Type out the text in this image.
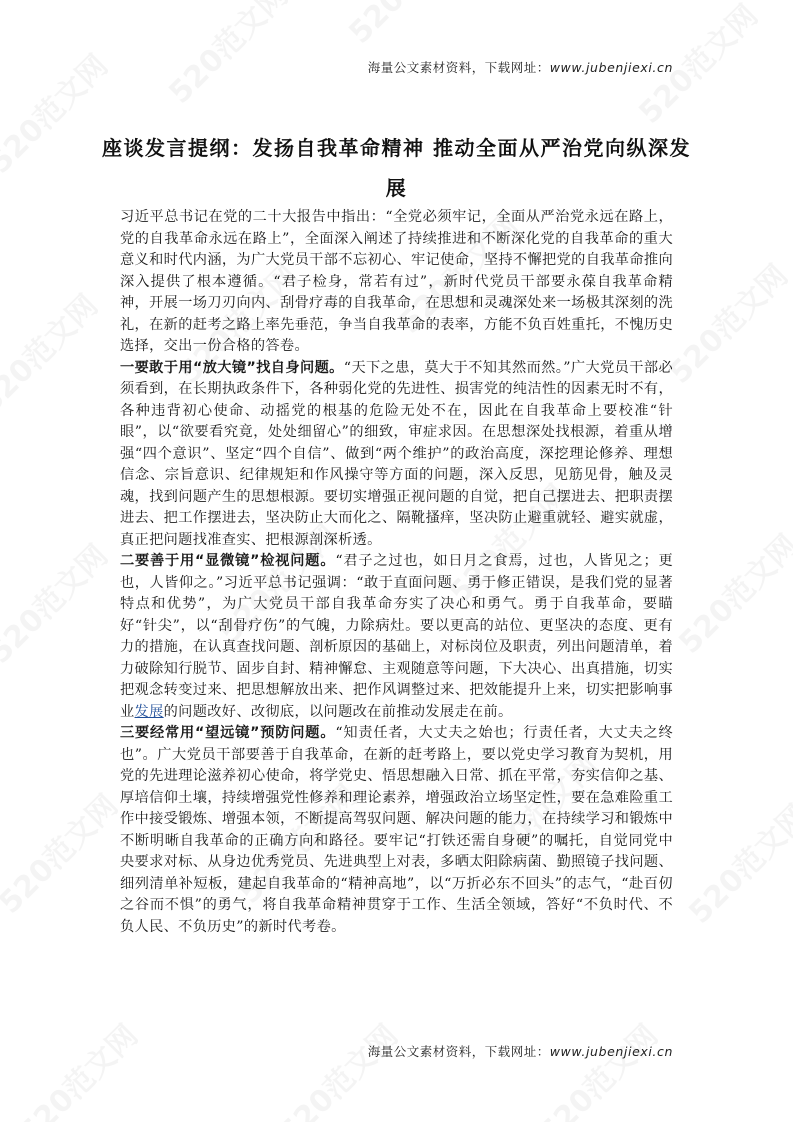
海量公文素材资料，下载网址：www.jubenjiexi.cn
座谈发言提纲：发扬自我革命精神 推动全面从严治党向纵深发展

习近平总书记在党的二十大报告中指出：“全党必须牢记，全面从严治党永远在路上，党的自我革命永远在路上”，全面深入阐述了持续推进和不断深化党的自我革命的重大意义和时代内涵，为广大党员干部不忘初心、牢记使命，坚持不懈把党的自我革命推向深入提供了根本遵循。“君子检身，常若有过”，新时代党员干部要永葆自我革命精神，开展一场刀刃向内、刮骨疗毒的自我革命，在思想和灵魂深处来一场极其深刻的洗礼，在新的赶考之路上率先垂范，争当自我革命的表率，方能不负百姓重托，不愧历史选择，交出一份合格的答卷。

一要敢于用“放大镜”找自身问题。“天下之患，莫大于不知其然而然。”广大党员干部必须看到，在长期执政条件下，各种弱化党的先进性、损害党的纯洁性的因素无时不有，各种违背初心使命、动摇党的根基的危险无处不在，因此在自我革命上要校准“针眼”，以“欲要看究竟，处处细留心”的细致，审症求因。在思想深处找根源，着重从增强“四个意识”、坚定“四个自信”、做到“两个维护”的政治高度，深挖理论修养、理想信念、宗旨意识、纪律规矩和作风操守等方面的问题，深入反思，见筋见骨，触及灵魂，找到问题产生的思想根源。要切实增强正视问题的自觉，把自己摆进去、把职责摆进去、把工作摆进去，坚决防止大而化之、隔靴搔痒，坚决防止避重就轻、避实就虚，真正把问题找准查实、把根源剖深析透。

二要善于用“显微镜”检视问题。“君子之过也，如日月之食焉，过也，人皆见之；更也，人皆仰之。”习近平总书记强调：“敢于直面问题、勇于修正错误，是我们党的显著特点和优势”，为广大党员干部自我革命夯实了决心和勇气。勇于自我革命，要瞄好“针尖”，以“刮骨疗伤”的气魄，力除病灶。要以更高的站位、更坚决的态度、更有力的措施，在认真查找问题、剖析原因的基础上，对标岗位及职责，列出问题清单，着力破除知行脱节、固步自封、精神懈怠、主观随意等问题，下大决心、出真措施，切实把观念转变过来、把思想解放出来、把作风调整过来、把效能提升上来，切实把影响事业发展的问题改好、改彻底，以问题改在前推动发展走在前。

三要经常用“望远镜”预防问题。“知责任者，大丈夫之始也；行责任者，大丈夫之终也”。广大党员干部要善于自我革命，在新的赶考路上，要以党史学习教育为契机，用党的先进理论滋养初心使命，将学党史、悟思想融入日常、抓在平常，夯实信仰之基、厚培信仰土壤，持续增强党性修养和理论素养，增强政治立场坚定性，要在急难险重工作中接受锻炼、增强本领，不断提高驾驭问题、解决问题的能力，在持续学习和锻炼中不断明晰自我革命的正确方向和路径。要牢记“打铁还需自身硬”的嘱托，自觉同党中央要求对标、从身边优秀党员、先进典型上对表，多晒太阳除病菌、勤照镜子找问题、细列清单补短板，建起自我革命的“精神高地”，以“万折必东不回头”的志气，“赴百仞之谷而不惧”的勇气，将自我革命精神贯穿于工作、生活全领域，答好“不负时代、不负人民、不负历史”的新时代考卷。

海量公文素材资料，下载网址：www.jubenjiexi.cn
